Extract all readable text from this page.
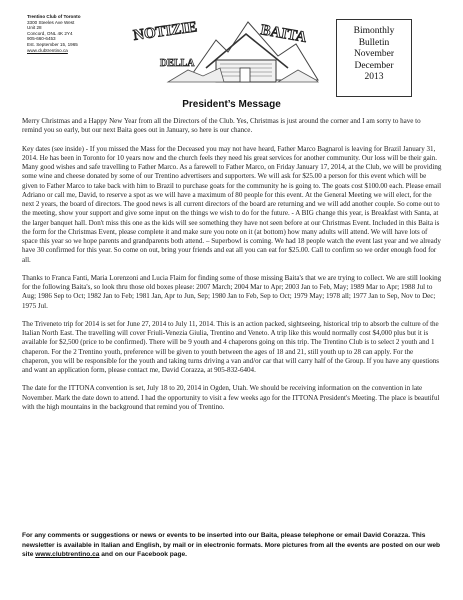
Trentino Club of Toronto
3300 Steeles Ave West
Unit 28
Concord, ONL 4K 2Y4
905-660-6453
Est. September 15, 1965
www.clubtrentino.ca
NOTIZIE
DELLA
BAITA	Bimonthly
Bulletin
November
December
2013
President’s Message

Merry Christmas and a Happy New Year from all the Directors of the Club. Yes, Christmas is just around the corner and I am sorry to have to remind you so early, but our next Baita goes out in January, so here is our chance.

Key dates (see inside) - If you missed the Mass for the Deceased you may not have heard, Father Marco Bagnarol is leaving for Brazil January 31, 2014. He has been in Toronto for 10 years now and the church feels they need his great services for another community. Our loss will be their gain. Many good wishes and safe travelling to Father Marco. As a farewell to Father Marco, on Friday January 17, 2014, at the Club, we will be providing some wine and cheese donated by some of our Trentino advertisers and supporters. We will ask for $25.00 a person for this event which will be given to Father Marco to take back with him to Brazil to purchase goats for the community he is going to. The goats cost $100.00 each. Please email Adriano or call me, David, to reserve a spot as we will have a maximum of 80 people for this event. At the General Meeting we will elect, for the next 2 years, the board of directors. The good news is all current directors of the board are returning and we will add another couple. So come out to the meeting, show your support and give some input on the things we wish to do for the future. - A BIG change this year, is Breakfast with Santa, at the larger banquet hall. Don't miss this one as the kids will see something they have not seen before at our Christmas Event. Included in this Baita is the form for the Christmas Event, please complete it and make sure you note on it (at bottom) how many adults will attend. We will have lots of space this year so we hope parents and grandparents both attend. – Superbowl is coming. We had 18 people watch the event last year and we already have 30 confirmed for this year. So come on out, bring your friends and eat all you can eat for $25.00. Call to confirm so we order enough food for all.

Thanks to Franca Fanti, Maria Lorenzoni and Lucia Flaim for finding some of those missing Baita's that we are trying to collect. We are still looking for the following Baita's, so look thru those old boxes please: 2007 March; 2004 Mar to Apr; 2003 Jan to Feb, May; 1989 Mar to Apr; 1988 Jul to Aug; 1986 Sep to Oct; 1982 Jan to Feb; 1981 Jan, Apr to Jun, Sep; 1980 Jan to Feb, Sep to Oct; 1979 May; 1978 all; 1977 Jan to Sep, Nov to Dec; 1975 Jul.

The Triveneto trip for 2014 is set for June 27, 2014 to July 11, 2014. This is an action packed, sightseeing, historical trip to absorb the culture of the Italian North East. The travelling will cover Friuli-Venezia Giulia, Trentino and Veneto. A trip like this would normally cost $4,000 plus but it is available for $2,500 (price to be confirmed). There will be 9 youth and 4 chaperons going on this trip. The Trentino Club is to select 2 youth and 1 chaperon. For the 2 Trentino youth, preference will be given to youth between the ages of 18 and 21, still youth up to 28 can apply. For the chaperon, you will be responsible for the youth and taking turns driving a van and/or car that will carry half of the Group. If you have any questions and want an application form, please contact me, David Corazza, at 905-832-6404.

The date for the ITTONA convention is set, July 18 to 20, 2014 in Ogden, Utah. We should be receiving information on the convention in late November. Mark the date down to attend. I had the opportunity to visit a few weeks ago for the ITTONA President's Meeting. The place is beautiful with the high mountains in the background that remind you of Trentino.

For any comments or suggestions or news or events to be inserted into our Baita, please telephone or email David Corazza. This newsletter is available in Italian and English, by mail or in electronic formats. More pictures from all the events are posted on our web site www.clubtrentino.ca and on our Facebook page.
